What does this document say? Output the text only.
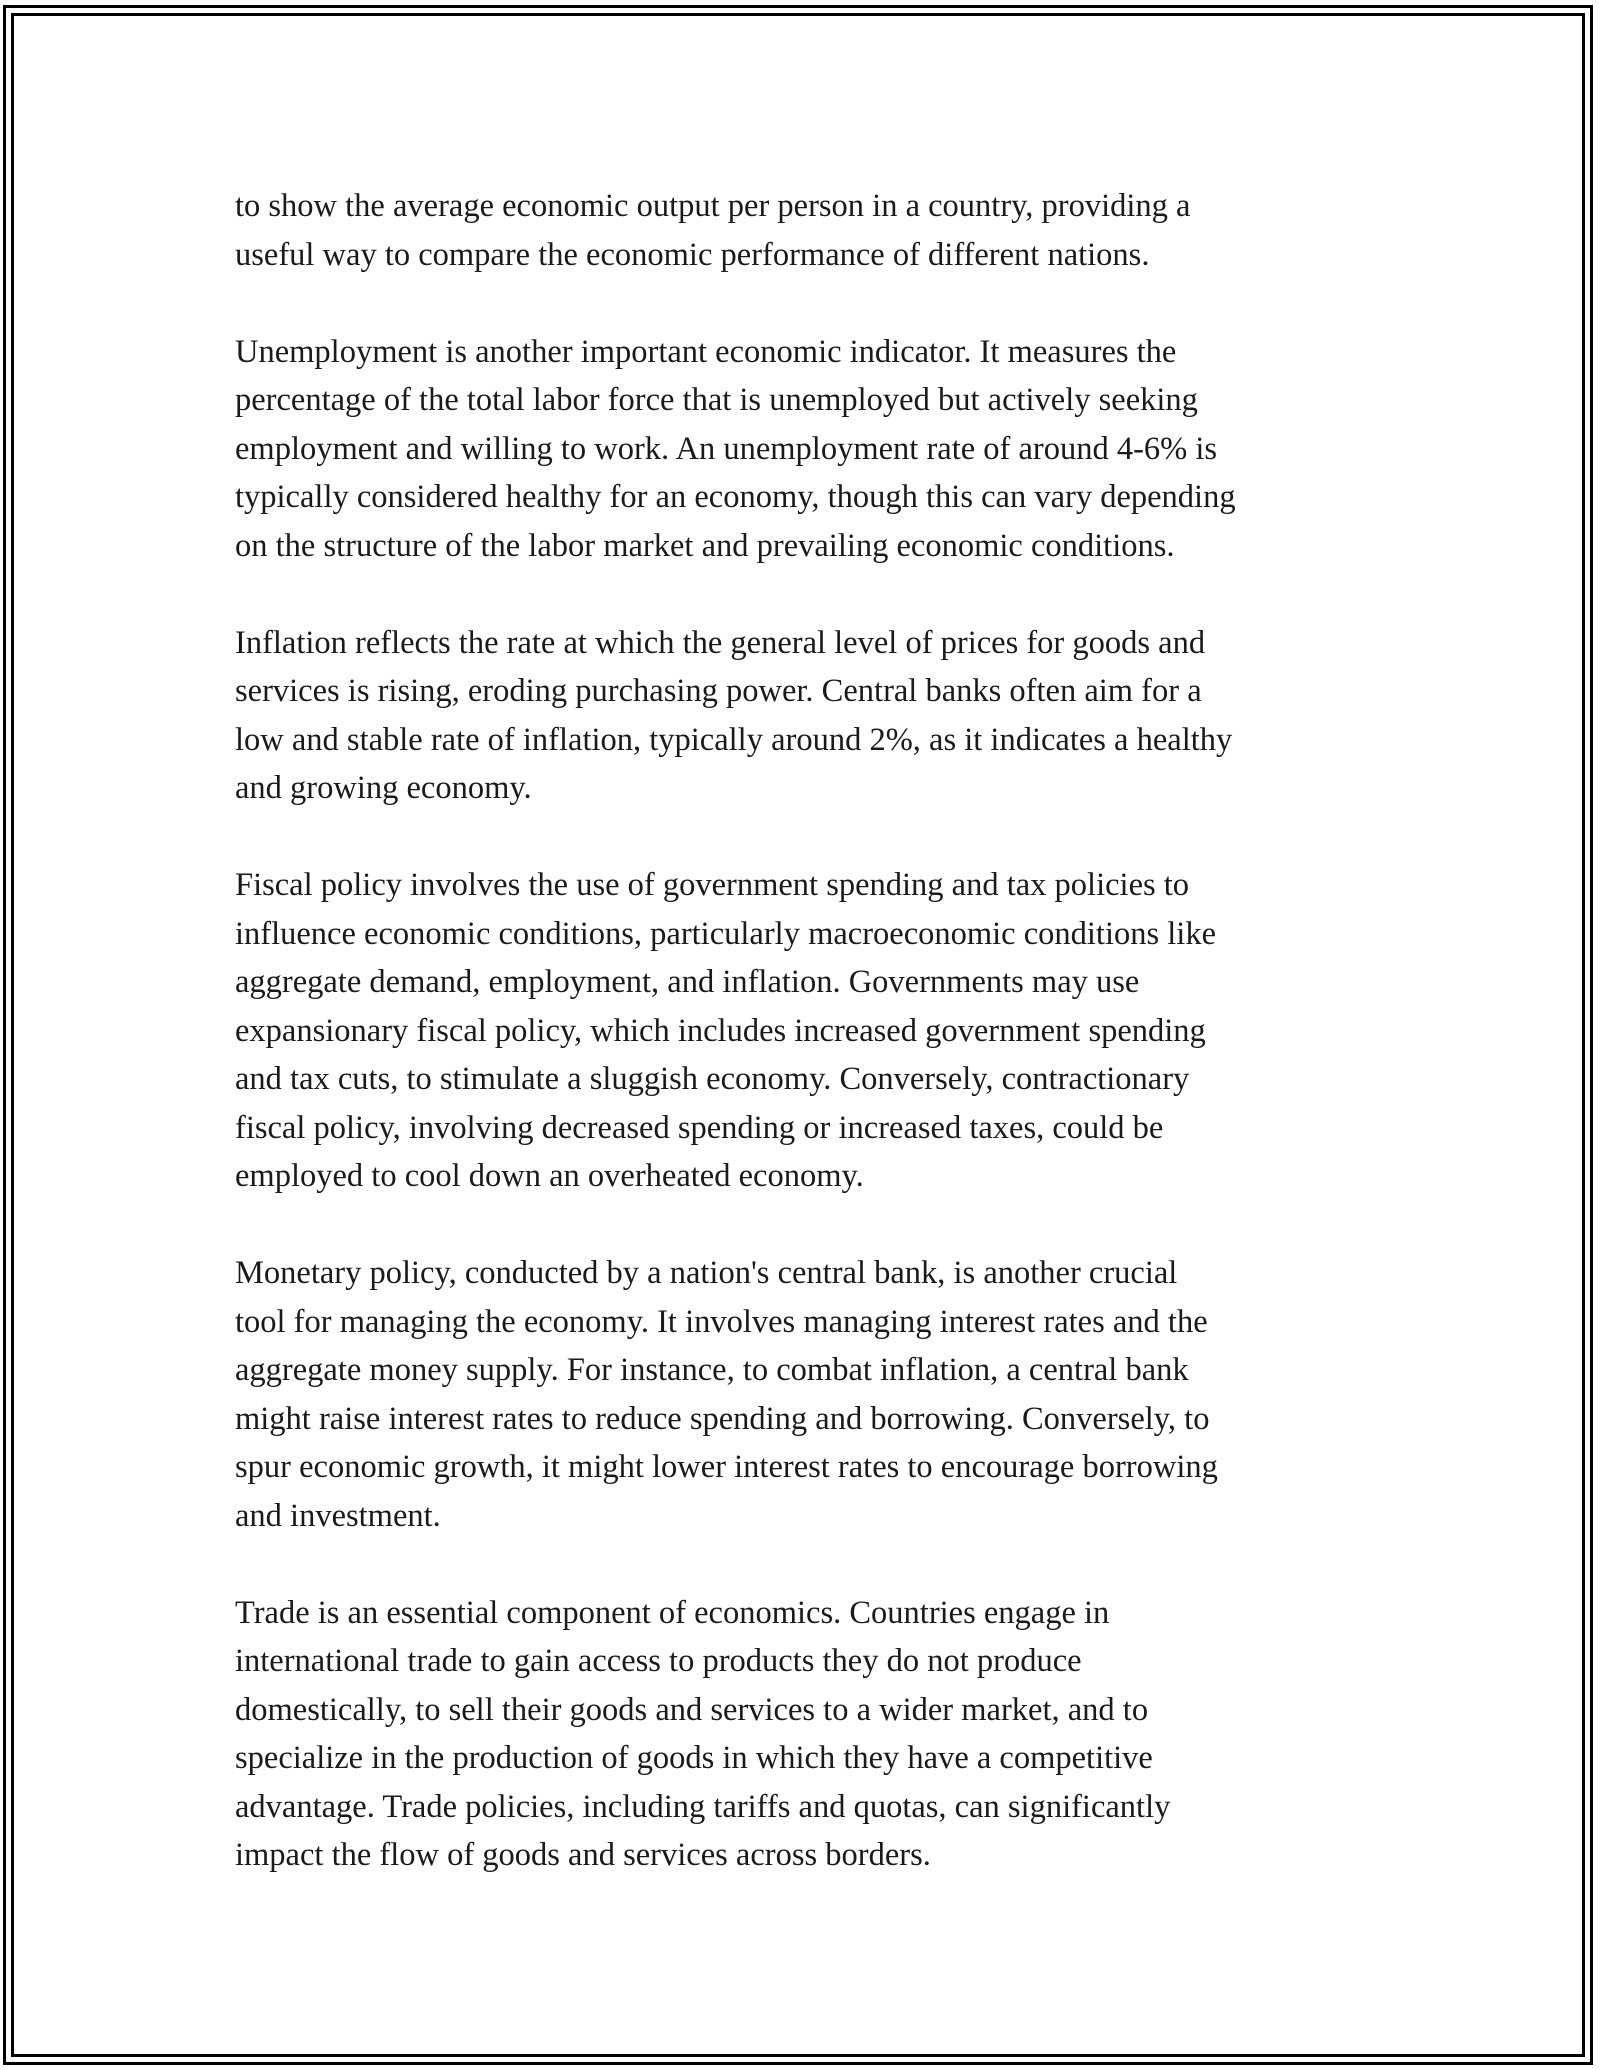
to show the average economic output per person in a country, providing a
useful way to compare the economic performance of different nations.

Unemployment is another important economic indicator. It measures the
percentage of the total labor force that is unemployed but actively seeking
employment and willing to work. An unemployment rate of around 4-6% is
typically considered healthy for an economy, though this can vary depending
on the structure of the labor market and prevailing economic conditions.

Inflation reflects the rate at which the general level of prices for goods and
services is rising, eroding purchasing power. Central banks often aim for a
low and stable rate of inflation, typically around 2%, as it indicates a healthy
and growing economy.

Fiscal policy involves the use of government spending and tax policies to
influence economic conditions, particularly macroeconomic conditions like
aggregate demand, employment, and inflation. Governments may use
expansionary fiscal policy, which includes increased government spending
and tax cuts, to stimulate a sluggish economy. Conversely, contractionary
fiscal policy, involving decreased spending or increased taxes, could be
employed to cool down an overheated economy.

Monetary policy, conducted by a nation's central bank, is another crucial
tool for managing the economy. It involves managing interest rates and the
aggregate money supply. For instance, to combat inflation, a central bank
might raise interest rates to reduce spending and borrowing. Conversely, to
spur economic growth, it might lower interest rates to encourage borrowing
and investment.

Trade is an essential component of economics. Countries engage in
international trade to gain access to products they do not produce
domestically, to sell their goods and services to a wider market, and to
specialize in the production of goods in which they have a competitive
advantage. Trade policies, including tariffs and quotas, can significantly
impact the flow of goods and services across borders.
